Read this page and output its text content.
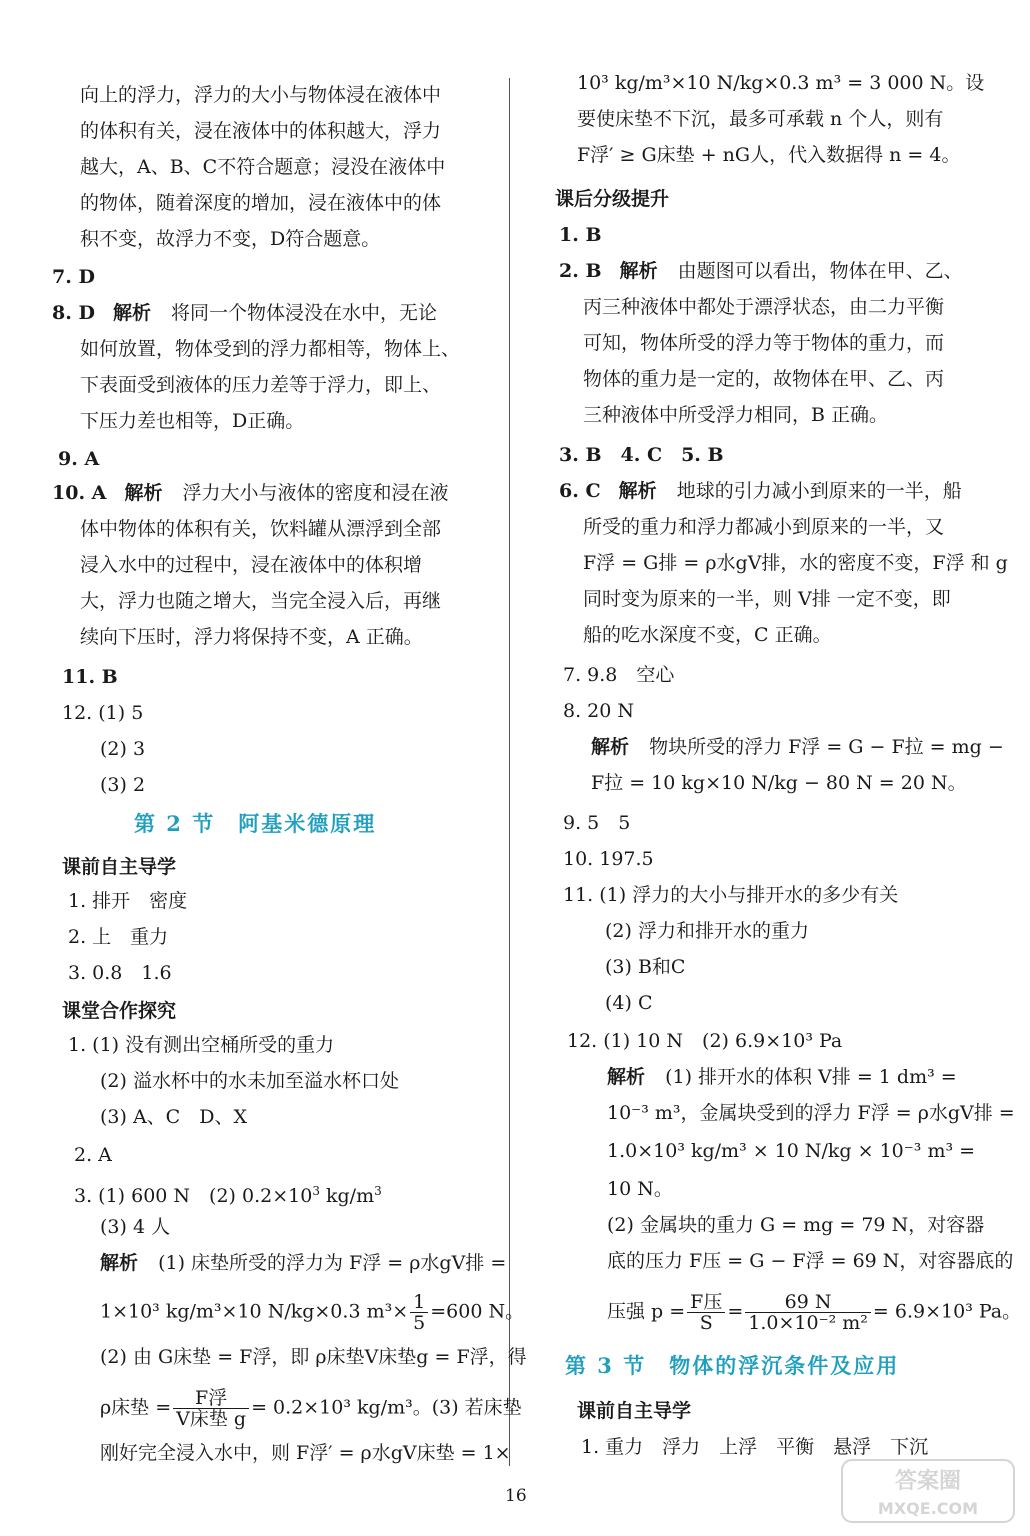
向上的浮力，浮力的大小与物体浸在液体中
的体积有关，浸在液体中的体积越大，浮力
越大，A、B、C不符合题意；浸没在液体中
的物体，随着深度的增加，浸在液体中的体
积不变，故浮力不变，D符合题意。
7. D
8. D 解析 将同一个物体浸没在水中，无论
如何放置，物体受到的浮力都相等，物体上、
下表面受到液体的压力差等于浮力，即上、
下压力差也相等，D正确。
9. A
10. A 解析 浮力大小与液体的密度和浸在液
体中物体的体积有关，饮料罐从漂浮到全部
浸入水中的过程中，浸在液体中的体积增
大，浮力也随之增大，当完全浸入后，再继
续向下压时，浮力将保持不变，A 正确。
11. B
12. (1) 5
(2) 3
(3) 2
第 2 节　阿基米德原理
课前自主导学
1. 排开　密度
2. 上　重力
3. 0.8　1.6
课堂合作探究
1. (1) 没有测出空桶所受的重力
(2) 溢水杯中的水未加至溢水杯口处
(3) A、C　D、X
2. A
3. (1) 600 N　(2) $0.2\times 10^3$ $kg/m^3$
(3) 4 人
解析 (1) 床垫所受的浮力为 F浮 = ρ水gV排 =
1×10³ kg/m³×10 N/kg×0.3 $m^3\times \frac{1}{5} =600$ N。
(2) 由 G床垫 = F浮，即 ρ床垫V床垫g = F浮，得
ρ床垫 = $\frac{\text{F浮}}{\text{V床垫 g}} = 0.2\times 10^3$ kg/m³。(3) 若床垫
刚好完全浸入水中，则 F浮′ = ρ水gV床垫 = 1×
10³ kg/m³×10 N/kg×0.3 m³ = 3 000 N。设
要使床垫不下沉，最多可承载 n 个人，则有
F浮′ ≥ G床垫 + nG人，代入数据得 n = 4。
课后分级提升
1. B
2. B 解析 由题图可以看出，物体在甲、乙、
丙三种液体中都处于漂浮状态，由二力平衡
可知，物体所受的浮力等于物体的重力，而
物体的重力是一定的，故物体在甲、乙、丙
三种液体中所受浮力相同，B 正确。
3. B　4. C　5. B
6. C 解析 地球的引力减小到原来的一半，船
所受的重力和浮力都减小到原来的一半，又
F浮 = G排 = ρ水gV排，水的密度不变，F浮 和 g
同时变为原来的一半，则 V排 一定不变，即
船的吃水深度不变，C 正确。
7. 9.8　空心
8. 20 N
解析 物块所受的浮力 F浮 = G − F拉 = mg −
F拉 = 10 kg×10 N/kg − 80 N = 20 N。
9. 5　5
10. 197.5
11. (1) 浮力的大小与排开水的多少有关
(2) 浮力和排开水的重力
(3) B和C
(4) C
12. (1) 10 N　(2) 6.9×10³ Pa
解析 (1) 排开水的体积 V排 = 1 dm³ =
10⁻³ m³，金属块受到的浮力 F浮 = ρ水gV排 =
1.0×10³ kg/m³ × 10 N/kg × 10⁻³ m³ =
10 N。
(2) 金属块的重力 G = mg = 79 N，对容器
底的压力 F压 = G − F浮 = 69 N，对容器底的
压强 $p = \frac{\text{F压}}{S} = \frac{69 N}{\text{1.0×10⁻² m²}} = 6.9\times 10^3$ Pa。
第 3 节　物体的浮沉条件及应用
课前自主导学
1. 重力　浮力　上浮　平衡　悬浮　下沉
16
答案圈
MXQE.COM
